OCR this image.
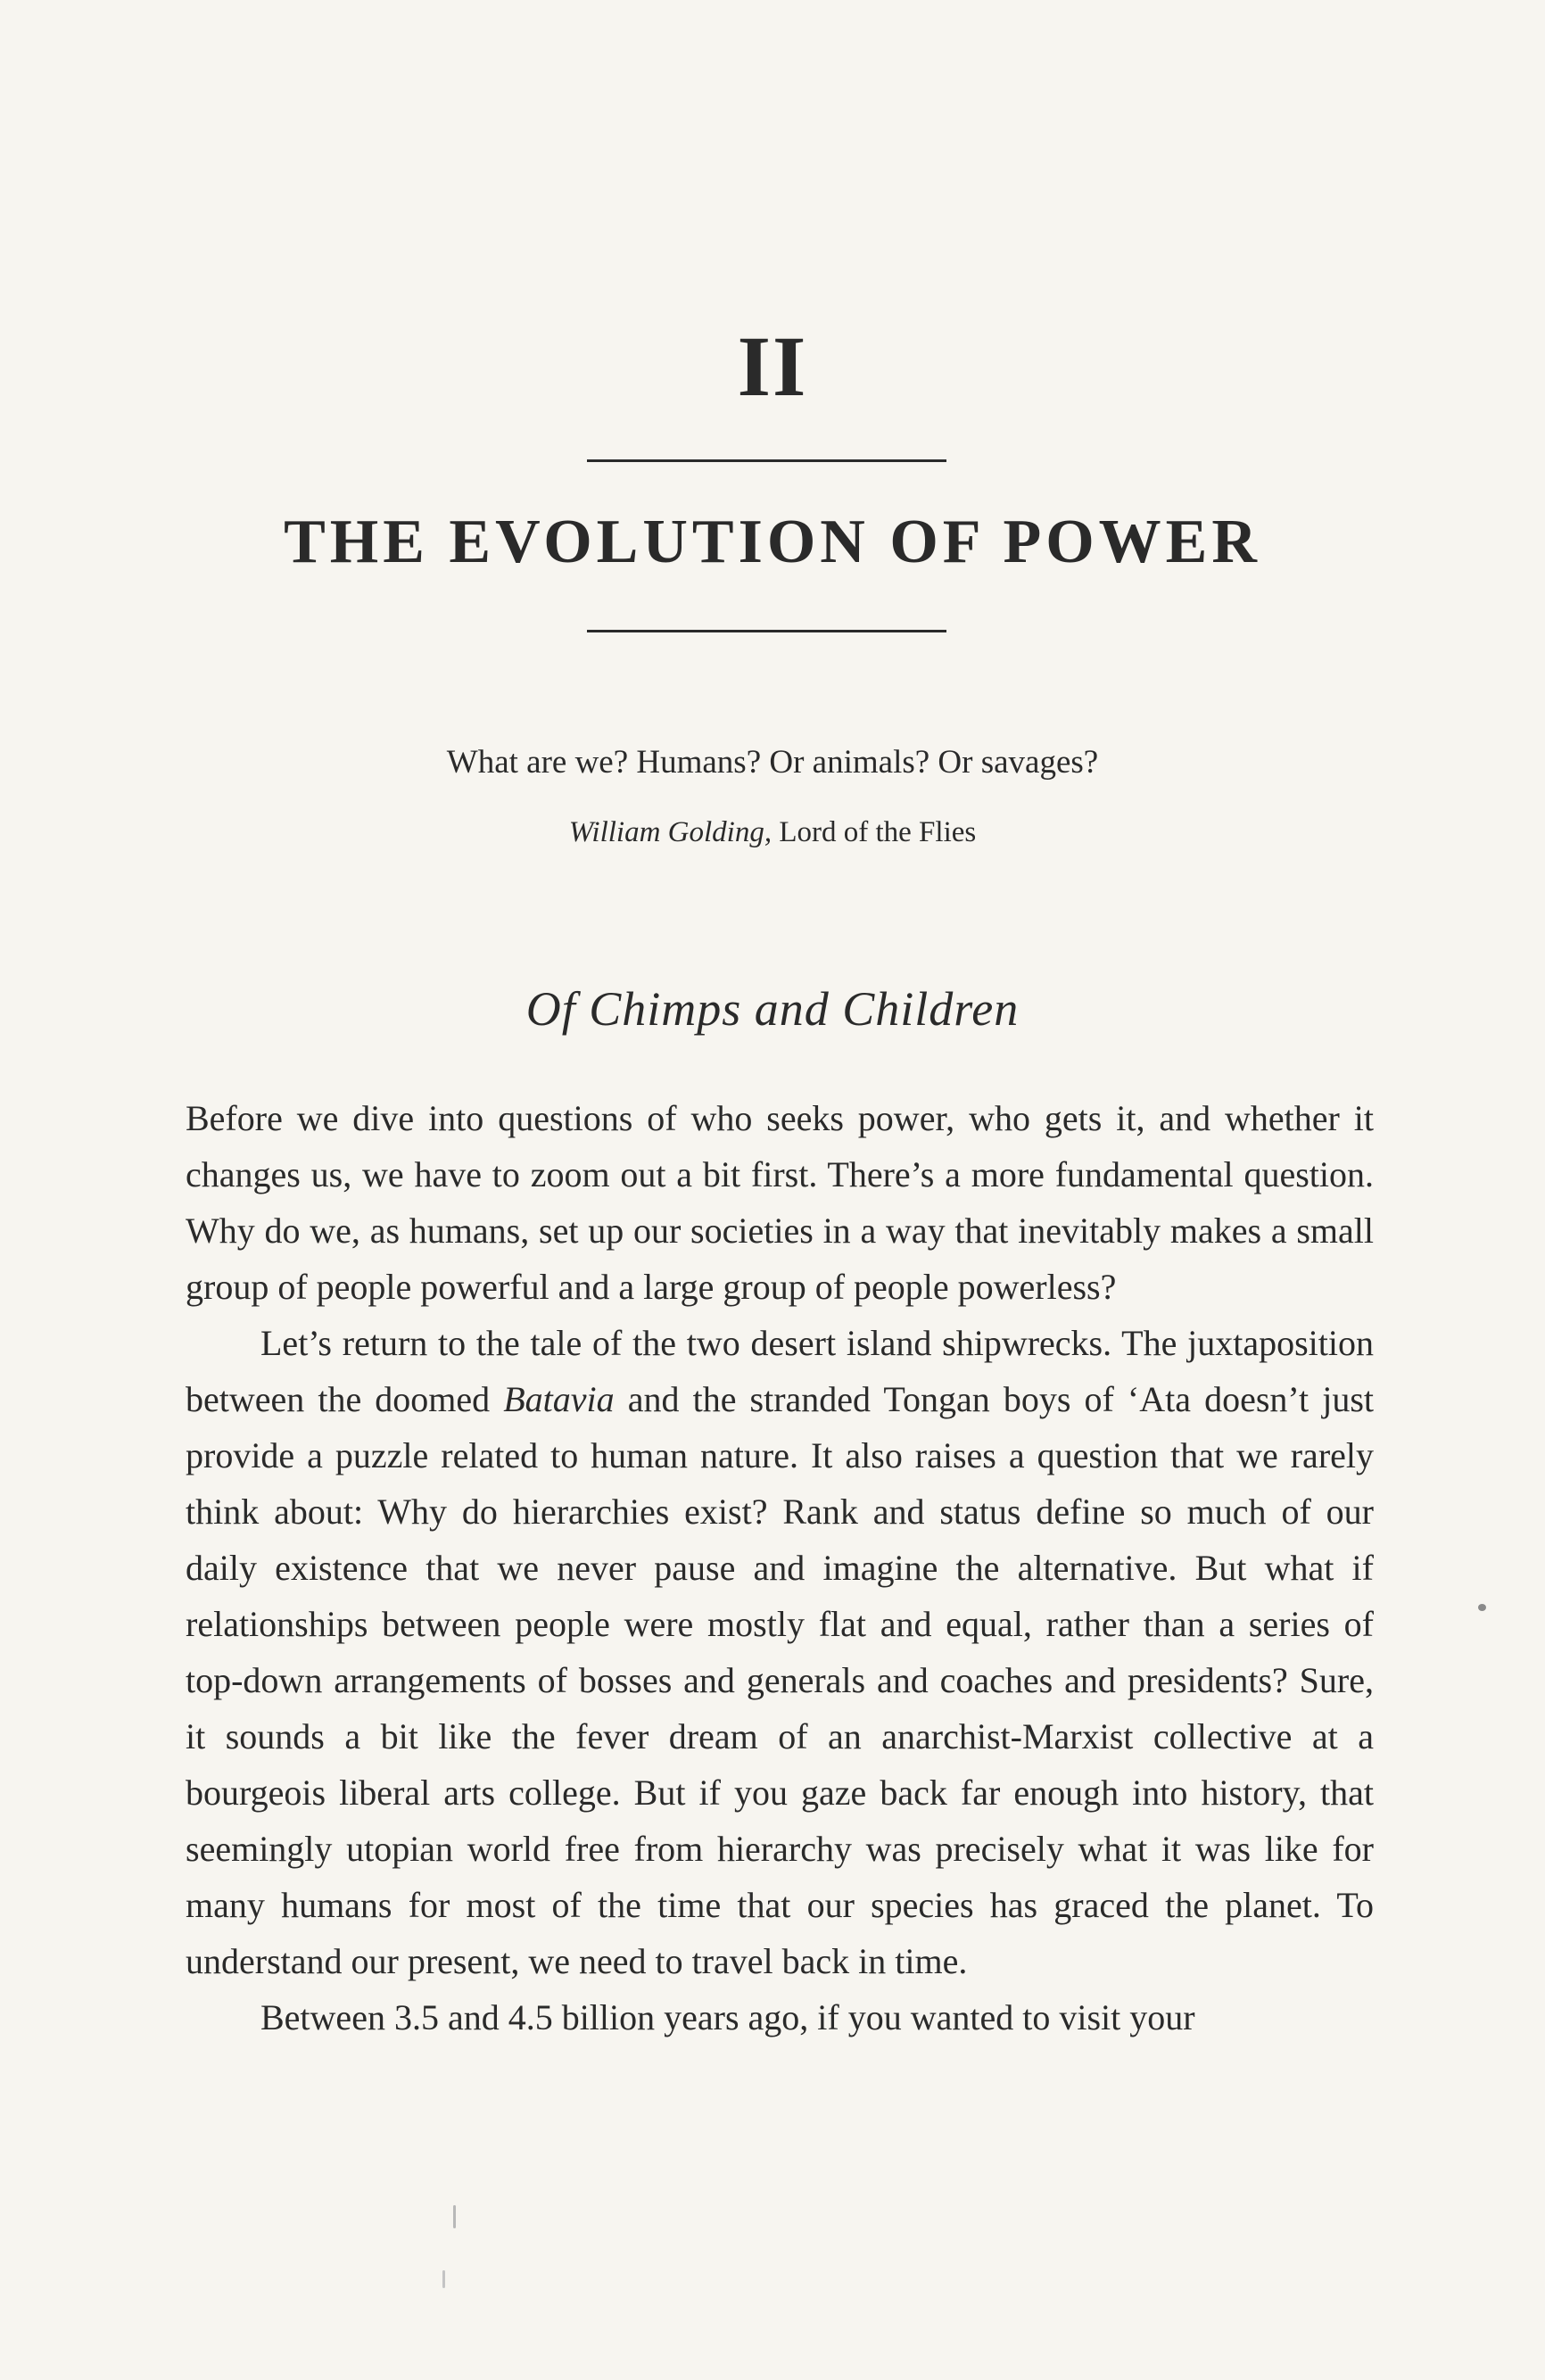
II
THE EVOLUTION OF POWER
What are we? Humans? Or animals? Or savages?
William Golding, Lord of the Flies
Of Chimps and Children

Before we dive into questions of who seeks power, who gets it, and whether it changes us, we have to zoom out a bit first. There’s a more fundamental question. Why do we, as humans, set up our societies in a way that inevitably makes a small group of people powerful and a large group of people powerless?

Let’s return to the tale of the two desert island shipwrecks. The juxtaposition between the doomed Batavia and the stranded Tongan boys of ‘Ata doesn’t just provide a puzzle related to human nature. It also raises a question that we rarely think about: Why do hierarchies exist? Rank and status define so much of our daily existence that we never pause and imagine the alternative. But what if relationships between people were mostly flat and equal, rather than a series of top-down arrangements of bosses and generals and coaches and presidents? Sure, it sounds a bit like the fever dream of an anarchist-Marxist collective at a bourgeois liberal arts college. But if you gaze back far enough into history, that seemingly utopian world free from hierarchy was precisely what it was like for many humans for most of the time that our species has graced the planet. To understand our present, we need to travel back in time.

Between 3.5 and 4.5 billion years ago, if you wanted to visit your
